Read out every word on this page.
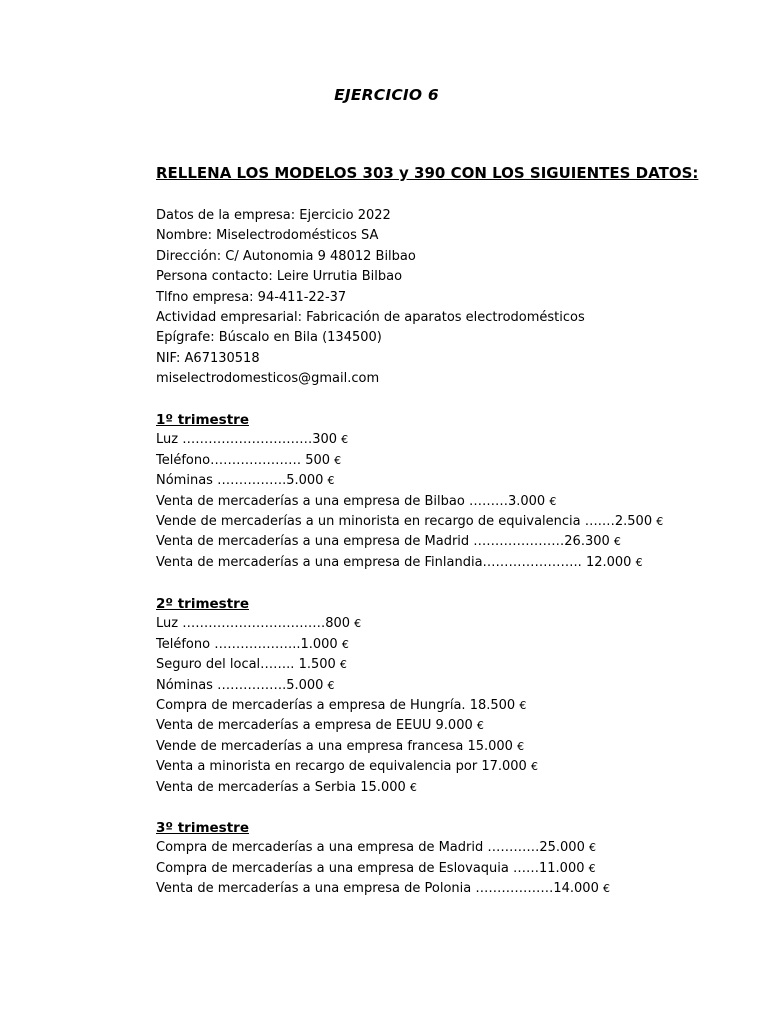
EJERCICIO 6
RELLENA LOS MODELOS 303 y 390 CON LOS SIGUIENTES DATOS:
Datos de la empresa: Ejercicio 2022
Nombre: Miselectrodomésticos SA
Dirección: C/ Autonomia 9 48012 Bilbao
Persona contacto: Leire Urrutia Bilbao
Tlfno empresa: 94-411-22-37
Actividad empresarial: Fabricación de aparatos electrodomésticos
Epígrafe: Búscalo en Bila (134500)
NIF: A67130518
miselectrodomesticos@gmail.com
1º trimestre
Luz …………………………300 €
Teléfono………………… 500 €
Nóminas …………….5.000 €
Venta de mercaderías a una empresa de Bilbao ………3.000 €
Vende de mercaderías a un minorista en recargo de equivalencia ….…2.500 €
Venta de mercaderías a una empresa de Madrid …………………26.300 €
Venta de mercaderías a una empresa de Finlandia………………….. 12.000 €
2º trimestre
Luz ……………………………800 €
Teléfono ………………..1.000 €
Seguro del local…….. 1.500 €
Nóminas …………….5.000 €
Compra de mercaderías a empresa de Hungría. 18.500 €
Venta de mercaderías a empresa de EEUU 9.000 €
Vende de mercaderías a una empresa francesa 15.000 €
Venta a minorista en recargo de equivalencia por 17.000 €
Venta de mercaderías a Serbia 15.000 €
3º trimestre
Compra de mercaderías a una empresa de Madrid …………25.000 €
Compra de mercaderías a una empresa de Eslovaquia ……11.000 €
Venta de mercaderías a una empresa de Polonia ………………14.000 €
